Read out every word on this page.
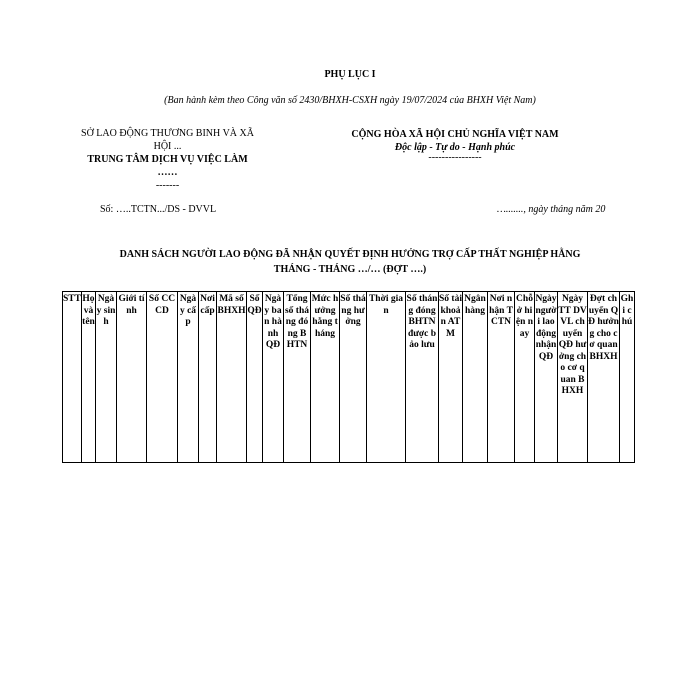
PHỤ LỤC I
(Ban hành kèm theo Công văn số 2430/BHXH-CSXH ngày 19/07/2024 của BHXH Việt Nam)
SỞ LAO ĐỘNG THƯƠNG BINH VÀ XÃ
HỘI ...
TRUNG TÂM DỊCH VỤ VIỆC LÀM
……
-------
CỘNG HÒA XÃ HỘI CHỦ NGHĨA VIỆT NAM
Độc lập - Tự do - Hạnh phúc
----------------
Số: …..TCTN.../DS - DVVL	…......., ngày tháng năm 20
DANH SÁCH NGƯỜI LAO ĐỘNG ĐÃ NHẬN QUYẾT ĐỊNH HƯỞNG TRỢ CẤP THẤT NGHIỆP HẰNG
THÁNG - THÁNG …/… (ĐỢT ….)
STT	Họ và tên	Ngày sinh	Giới tính	Số CCCD	Ngày cấp	Nơi cấp	Mã số BHXH	Số QĐ	Ngày ban hành QĐ	Tổng số tháng đóng BHTN	Mức hưởng hằng tháng	Số tháng hưởng	Thời gian	Số tháng đóng BHTN được bảo lưu	Số tài khoản ATM	Ngân hàng	Nơi nhận TCTN	Chỗ ở hiện nay	Ngày người lao động nhận QĐ	Ngày TT DVVL chuyển QĐ hưởng cho cơ quan BHXH	Đợt chuyển QĐ hưởng cho cơ quan BHXH	Ghi chú
